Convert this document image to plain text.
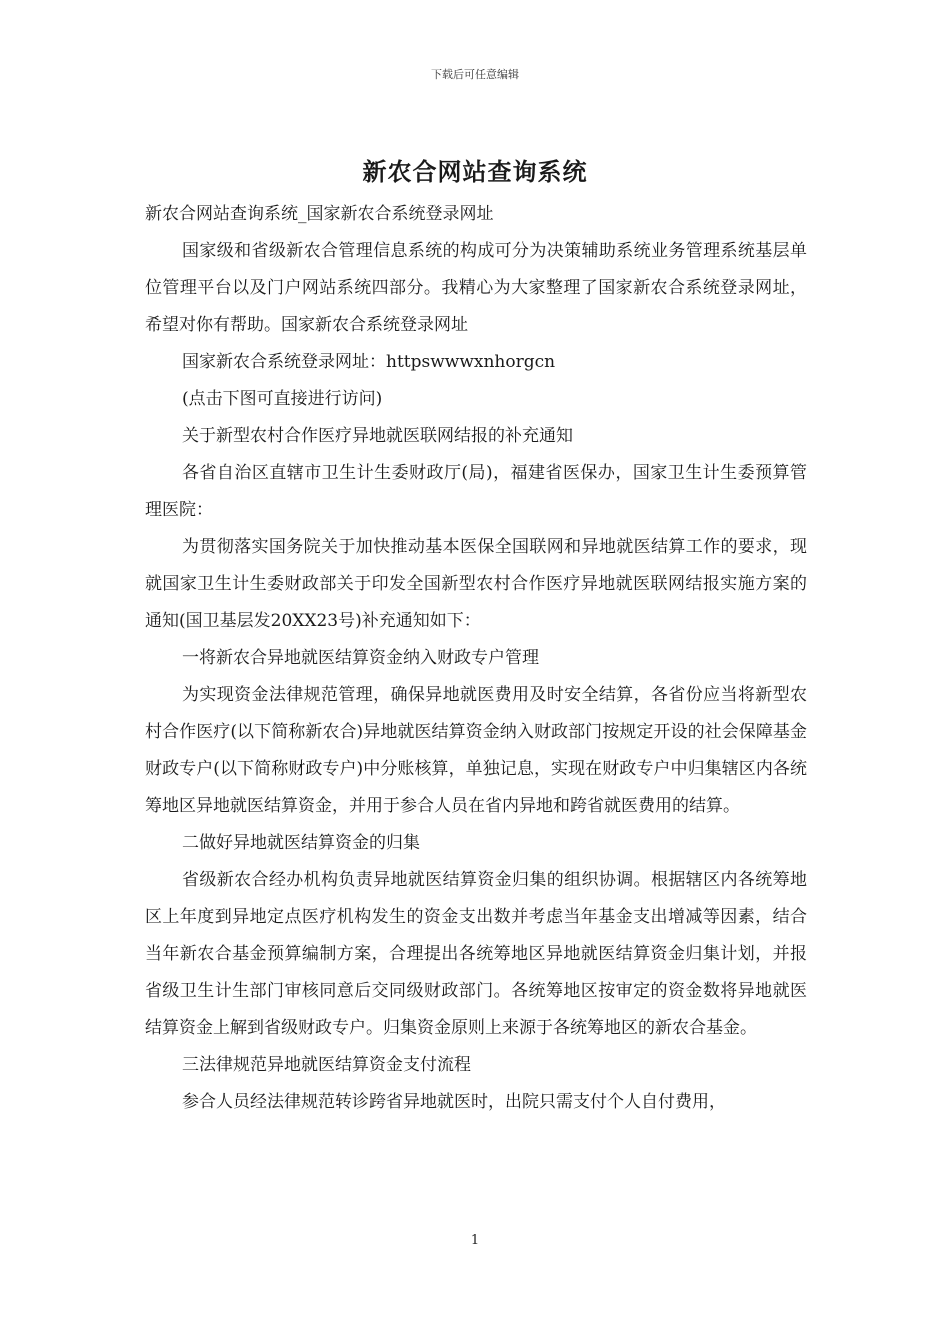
下载后可任意编辑
新农合网站查询系统

新农合网站查询系统_国家新农合系统登录网址

国家级和省级新农合管理信息系统的构成可分为决策辅助系统业务管理系统基层单位管理平台以及门户网站系统四部分。我精心为大家整理了国家新农合系统登录网址，希望对你有帮助。国家新农合系统登录网址

国家新农合系统登录网址：httpswwwxnhorgcn

(点击下图可直接进行访问)

关于新型农村合作医疗异地就医联网结报的补充通知

各省自治区直辖市卫生计生委财政厅(局)，福建省医保办，国家卫生计生委预算管理医院：

为贯彻落实国务院关于加快推动基本医保全国联网和异地就医结算工作的要求，现就国家卫生计生委财政部关于印发全国新型农村合作医疗异地就医联网结报实施方案的通知(国卫基层发20XX23号)补充通知如下：

一将新农合异地就医结算资金纳入财政专户管理

为实现资金法律规范管理，确保异地就医费用及时安全结算，各省份应当将新型农村合作医疗(以下简称新农合)异地就医结算资金纳入财政部门按规定开设的社会保障基金财政专户(以下简称财政专户)中分账核算，单独记息，实现在财政专户中归集辖区内各统筹地区异地就医结算资金，并用于参合人员在省内异地和跨省就医费用的结算。

二做好异地就医结算资金的归集

省级新农合经办机构负责异地就医结算资金归集的组织协调。根据辖区内各统筹地区上年度到异地定点医疗机构发生的资金支出数并考虑当年基金支出增减等因素，结合当年新农合基金预算编制方案，合理提出各统筹地区异地就医结算资金归集计划，并报省级卫生计生部门审核同意后交同级财政部门。各统筹地区按审定的资金数将异地就医结算资金上解到省级财政专户。归集资金原则上来源于各统筹地区的新农合基金。

三法律规范异地就医结算资金支付流程

参合人员经法律规范转诊跨省异地就医时，出院只需支付个人自付费用，

1
